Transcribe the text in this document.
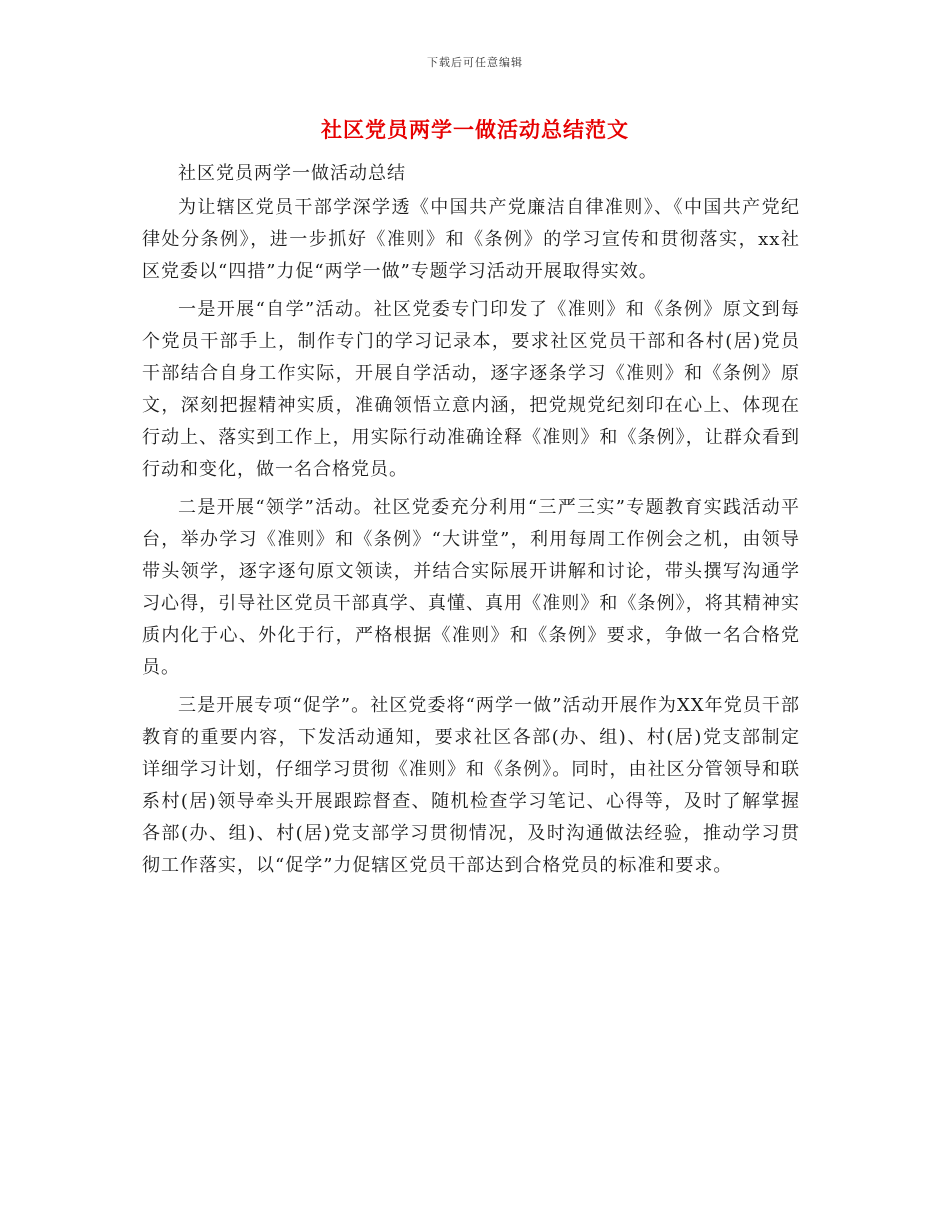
下载后可任意编辑
社区党员两学一做活动总结范文

社区党员两学一做活动总结

为让辖区党员干部学深学透《中国共产党廉洁自律准则》、《中国共产党纪律处分条例》，进一步抓好《准则》和《条例》的学习宣传和贯彻落实，xx社区党委以“四措”力促“两学一做”专题学习活动开展取得实效。

一是开展“自学”活动。社区党委专门印发了《准则》和《条例》原文到每个党员干部手上，制作专门的学习记录本，要求社区党员干部和各村(居)党员干部结合自身工作实际，开展自学活动，逐字逐条学习《准则》和《条例》原文，深刻把握精神实质，准确领悟立意内涵，把党规党纪刻印在心上、体现在行动上、落实到工作上，用实际行动准确诠释《准则》和《条例》，让群众看到行动和变化，做一名合格党员。

二是开展“领学”活动。社区党委充分利用“三严三实”专题教育实践活动平台，举办学习《准则》和《条例》“大讲堂”，利用每周工作例会之机，由领导带头领学，逐字逐句原文领读，并结合实际展开讲解和讨论，带头撰写沟通学习心得，引导社区党员干部真学、真懂、真用《准则》和《条例》，将其精神实质内化于心、外化于行，严格根据《准则》和《条例》要求，争做一名合格党员。

三是开展专项“促学”。社区党委将“两学一做”活动开展作为XX年党员干部教育的重要内容，下发活动通知，要求社区各部(办、组)、村(居)党支部制定详细学习计划，仔细学习贯彻《准则》和《条例》。同时，由社区分管领导和联系村(居)领导牵头开展跟踪督查、随机检查学习笔记、心得等，及时了解掌握各部(办、组)、村(居)党支部学习贯彻情况，及时沟通做法经验，推动学习贯彻工作落实，以“促学”力促辖区党员干部达到合格党员的标准和要求。
